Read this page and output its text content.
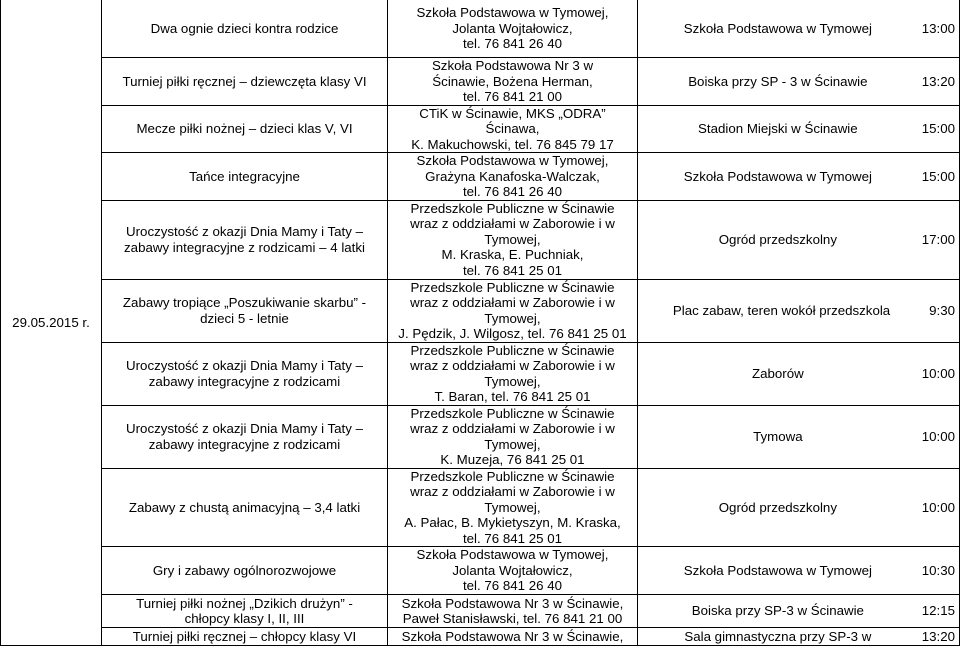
29.05.2015 r.	Dwa ognie dzieci kontra rodzice	Szkoła Podstawowa w Tymowej,
Jolanta Wojtałowicz,
tel. 76 841 26 40	Szkoła Podstawowa w Tymowej 13:00

	Turniej piłki ręcznej – dziewczęta klasy VI	Szkoła Podstawowa Nr 3 w
Ścinawie, Bożena Herman,
tel. 76 841 21 00	Boiska przy SP - 3 w Ścinawie 13:20

	Mecze piłki nożnej – dzieci klas V, VI	CTiK w Ścinawie, MKS „ODRA”
Ścinawa,
K. Makuchowski, tel. 76 845 79 17	Stadion Miejski w Ścinawie 15:00

	Tańce integracyjne	Szkoła Podstawowa w Tymowej,
Grażyna Kanafoska-Walczak,
tel. 76 841 26 40	Szkoła Podstawowa w Tymowej 15:00

	Uroczystość z okazji Dnia Mamy i Taty –
zabawy integracyjne z rodzicami – 4 latki	Przedszkole Publiczne w Ścinawie
wraz z oddziałami w Zaborowie i w
Tymowej,
M. Kraska, E. Puchniak,
tel. 76 841 25 01	Ogród przedszkolny 17:00

	Zabawy tropiące „Poszukiwanie skarbu” -
dzieci 5 - letnie	Przedszkole Publiczne w Ścinawie
wraz z oddziałami w Zaborowie i w
Tymowej,
J. Pędzik, J. Wilgosz, tel. 76 841 25 01	Plac zabaw, teren wokół przedszkola 9:30

	Uroczystość z okazji Dnia Mamy i Taty –
zabawy integracyjne z rodzicami	Przedszkole Publiczne w Ścinawie
wraz z oddziałami w Zaborowie i w
Tymowej,
T. Baran, tel. 76 841 25 01	Zaborów 10:00

	Uroczystość z okazji Dnia Mamy i Taty –
zabawy integracyjne z rodzicami	Przedszkole Publiczne w Ścinawie
wraz z oddziałami w Zaborowie i w
Tymowej,
K. Muzeja, 76 841 25 01	Tymowa 10:00

	Zabawy z chustą animacyjną – 3,4 latki	Przedszkole Publiczne w Ścinawie
wraz z oddziałami w Zaborowie i w
Tymowej,
A. Pałac, B. Mykietyszyn, M. Kraska,
tel. 76 841 25 01	Ogród przedszkolny 10:00

	Gry i zabawy ogólnorozwojowe	Szkoła Podstawowa w Tymowej,
Jolanta Wojtałowicz,
tel. 76 841 26 40	Szkoła Podstawowa w Tymowej 10:30

	Turniej piłki nożnej „Dzikich drużyn” -
chłopcy klasy I, II, III	Szkoła Podstawowa Nr 3 w Ścinawie,
Paweł Stanisławski, tel. 76 841 21 00	Boiska przy SP-3 w Ścinawie 12:15

	Turniej piłki ręcznej – chłopcy klasy VI	Szkoła Podstawowa Nr 3 w Ścinawie,	Sala gimnastyczna przy SP-3 w 13:20
